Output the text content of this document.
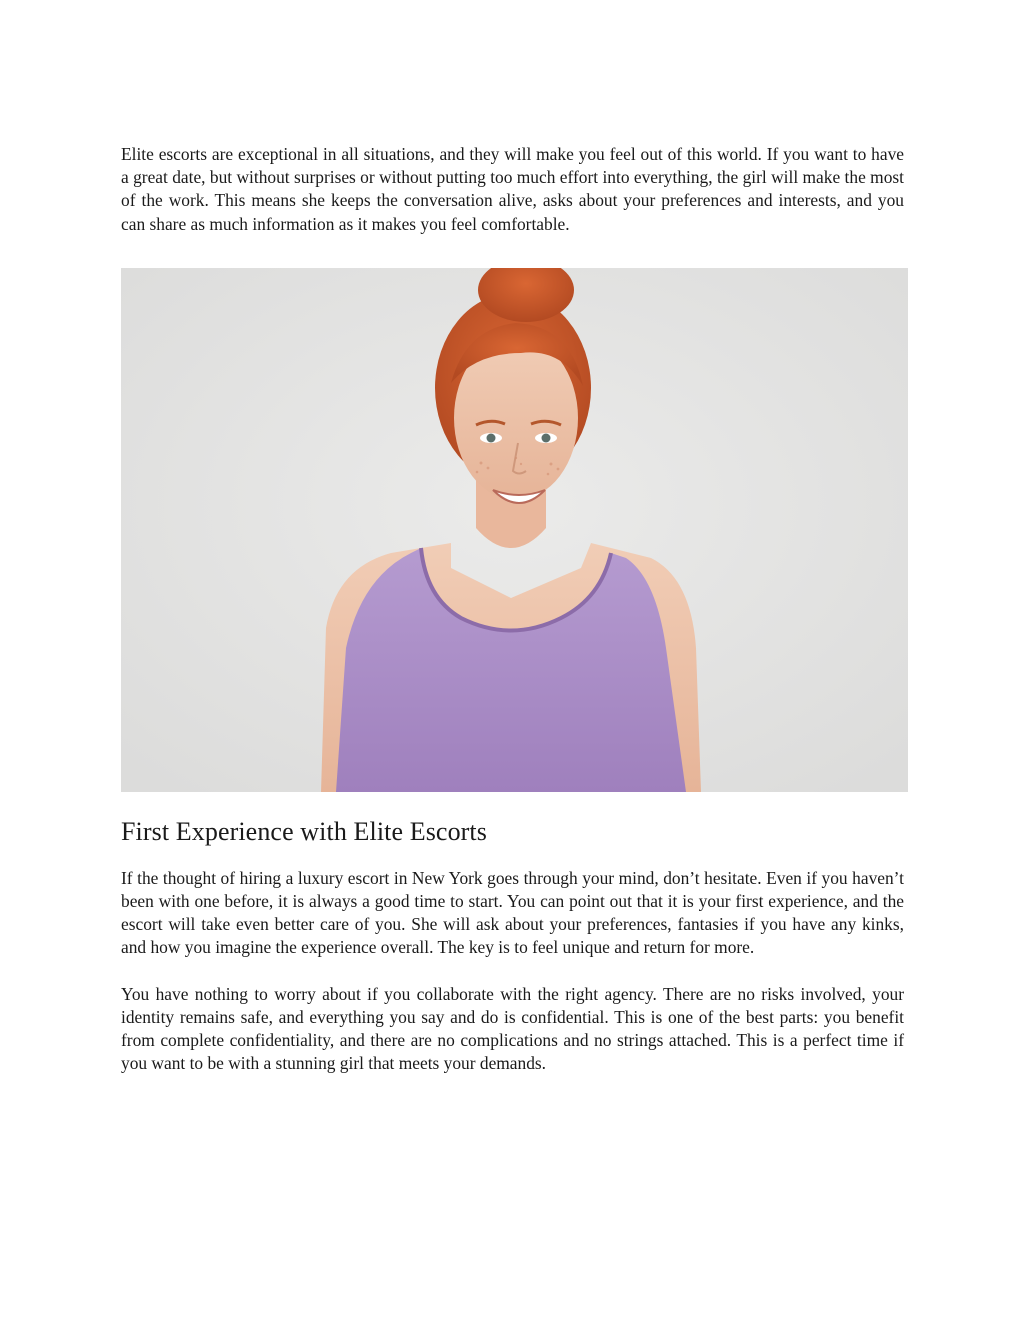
Elite escorts are exceptional in all situations, and they will make you feel out of this world. If you want to have a great date, but without surprises or without putting too much effort into everything, the girl will make the most of the work. This means she keeps the conversation alive, asks about your preferences and interests, and you can share as much information as it makes you feel comfortable.

First Experience with Elite Escorts

If the thought of hiring a luxury escort in New York goes through your mind, don’t hesitate. Even if you haven’t been with one before, it is always a good time to start. You can point out that it is your first experience, and the escort will take even better care of you. She will ask about your preferences, fantasies if you have any kinks, and how you imagine the experience overall. The key is to feel unique and return for more.

You have nothing to worry about if you collaborate with the right agency. There are no risks involved, your identity remains safe, and everything you say and do is confidential. This is one of the best parts: you benefit from complete confidentiality, and there are no complications and no strings attached. This is a perfect time if you want to be with a stunning girl that meets your demands.
